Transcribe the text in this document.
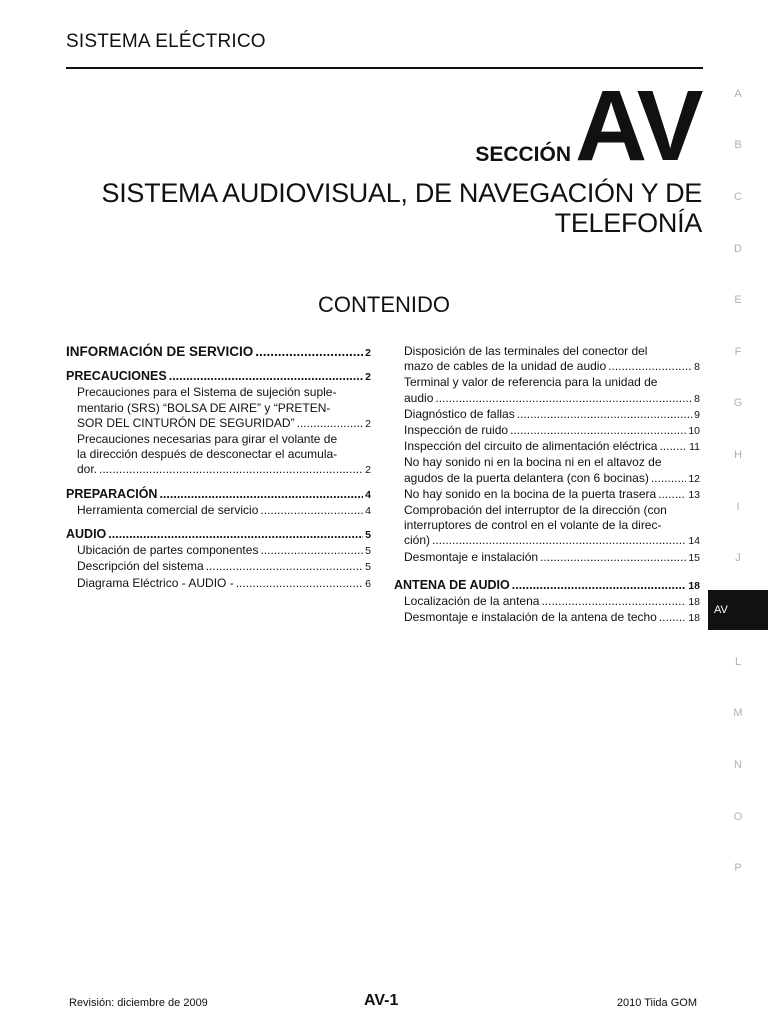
SISTEMA ELÉCTRICO
SECCIÓN AV
SISTEMA AUDIOVISUAL, DE NAVEGACIÓN Y DE
TELEFONÍA
CONTENIDO
INFORMACIÓN DE SERVICIO .....	2
PRECAUCIONES .....	2
Precauciones para el Sistema de sujeción suple-
mentario (SRS) “BOLSA DE AIRE” y “PRETEN-
SOR DEL CINTURÓN DE SEGURIDAD” .....	2
Precauciones necesarias para girar el volante de
la dirección después de desconectar el acumula-
dor. .....	2
PREPARACIÓN .....	4
Herramienta comercial de servicio .....	4
AUDIO .....	5
Ubicación de partes componentes .....	5
Descripción del sistema .....	5
Diagrama Eléctrico - AUDIO - .....	6
Disposición de las terminales del conector del
mazo de cables de la unidad de audio .....	8
Terminal y valor de referencia para la unidad de
audio .....	8
Diagnóstico de fallas .....	9
Inspección de ruido .....	10
Inspección del circuito de alimentación eléctrica .....	11
No hay sonido ni en la bocina ni en el altavoz de
agudos de la puerta delantera (con 6 bocinas) .....	12
No hay sonido en la bocina de la puerta trasera .....	13
Comprobación del interruptor de la dirección (con
interruptores de control en el volante de la direc-
ción) .....	14
Desmontaje e instalación .....	15
ANTENA DE AUDIO .....	18
Localización de la antena .....	18
Desmontaje e instalación de la antena de techo .....	18
A
B
C
D
E
F
G
H
I
J
AV
L
M
N
O
P
Revisión: diciembre de 2009	AV-1	2010 Tiida GOM
